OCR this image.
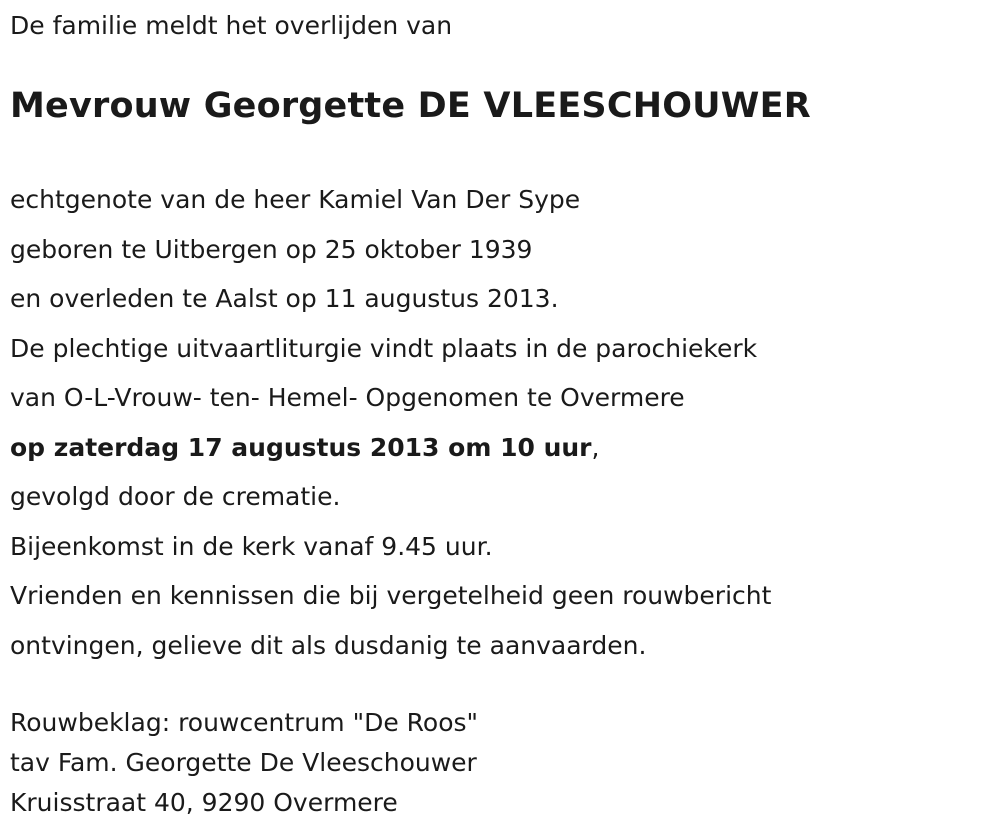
De familie meldt het overlijden van
Mevrouw Georgette DE VLEESCHOUWER
echtgenote van de heer Kamiel Van Der Sype
geboren te Uitbergen op 25 oktober 1939
en overleden te Aalst op 11 augustus 2013.
De plechtige uitvaartliturgie vindt plaats in de parochiekerk
van O-L-Vrouw- ten- Hemel- Opgenomen te Overmere
op zaterdag 17 augustus 2013 om 10 uur,
gevolgd door de crematie.
Bijeenkomst in de kerk vanaf 9.45 uur.
Vrienden en kennissen die bij vergetelheid geen rouwbericht
ontvingen, gelieve dit als dusdanig te aanvaarden.
Rouwbeklag: rouwcentrum "De Roos"
tav Fam. Georgette De Vleeschouwer
Kruisstraat 40, 9290 Overmere
